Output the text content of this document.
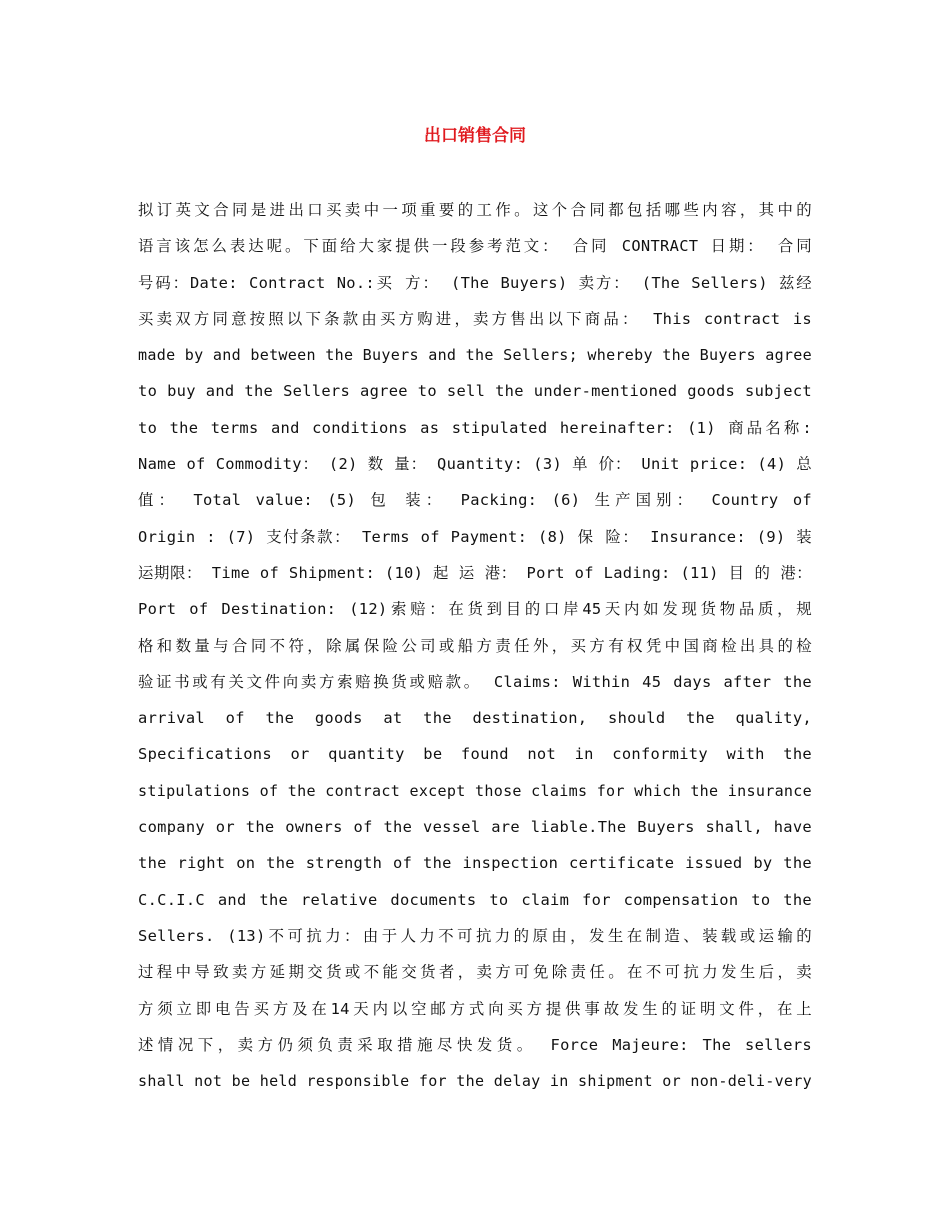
出口销售合同
拟订英文合同是进出口买卖中一项重要的工作。这个合同都包括哪些内容，其中的
语言该怎么表达呢。下面给大家提供一段参考范文： 合同 CONTRACT 日期： 合同
号码：Date: Contract No.:买 方： (The Buyers) 卖方： (The Sellers) 兹经
买卖双方同意按照以下条款由买方购进，卖方售出以下商品： This contract is
made by and between the Buyers and the Sellers; whereby the Buyers agree
to buy and the Sellers agree to sell the under-mentioned goods subject
to the terms and conditions as stipulated hereinafter: (1) 商品名称:
Name of Commodity： (2) 数 量： Quantity: (3) 单 价： Unit price: (4) 总
值： Total value: (5) 包 装： Packing: (6) 生产国别： Country of
Origin : (7) 支付条款： Terms of Payment: (8) 保 险： Insurance: (9) 装
运期限： Time of Shipment: (10) 起 运 港： Port of Lading: (11) 目 的 港：
Port of Destination: (12)索赔：在货到目的口岸45天内如发现货物品质，规
格和数量与合同不符，除属保险公司或船方责任外，买方有权凭中国商检出具的检
验证书或有关文件向卖方索赔换货或赔款。 Claims: Within 45 days after the
arrival of the goods at the destination, should the quality,
Specifications or quantity be found not in conformity with the
stipulations of the contract except those claims for which the insurance
company or the owners of the vessel are liable.The Buyers shall, have
the right on the strength of the inspection certificate issued by the
C.C.I.C and the relative documents to claim for compensation to the
Sellers. (13)不可抗力：由于人力不可抗力的原由，发生在制造、装载或运输的
过程中导致卖方延期交货或不能交货者，卖方可免除责任。在不可抗力发生后，卖
方须立即电告买方及在14天内以空邮方式向买方提供事故发生的证明文件，在上
述情况下，卖方仍须负责采取措施尽快发货。 Force Majeure: The sellers
shall not be held responsible for the delay in shipment or non-deli-very
